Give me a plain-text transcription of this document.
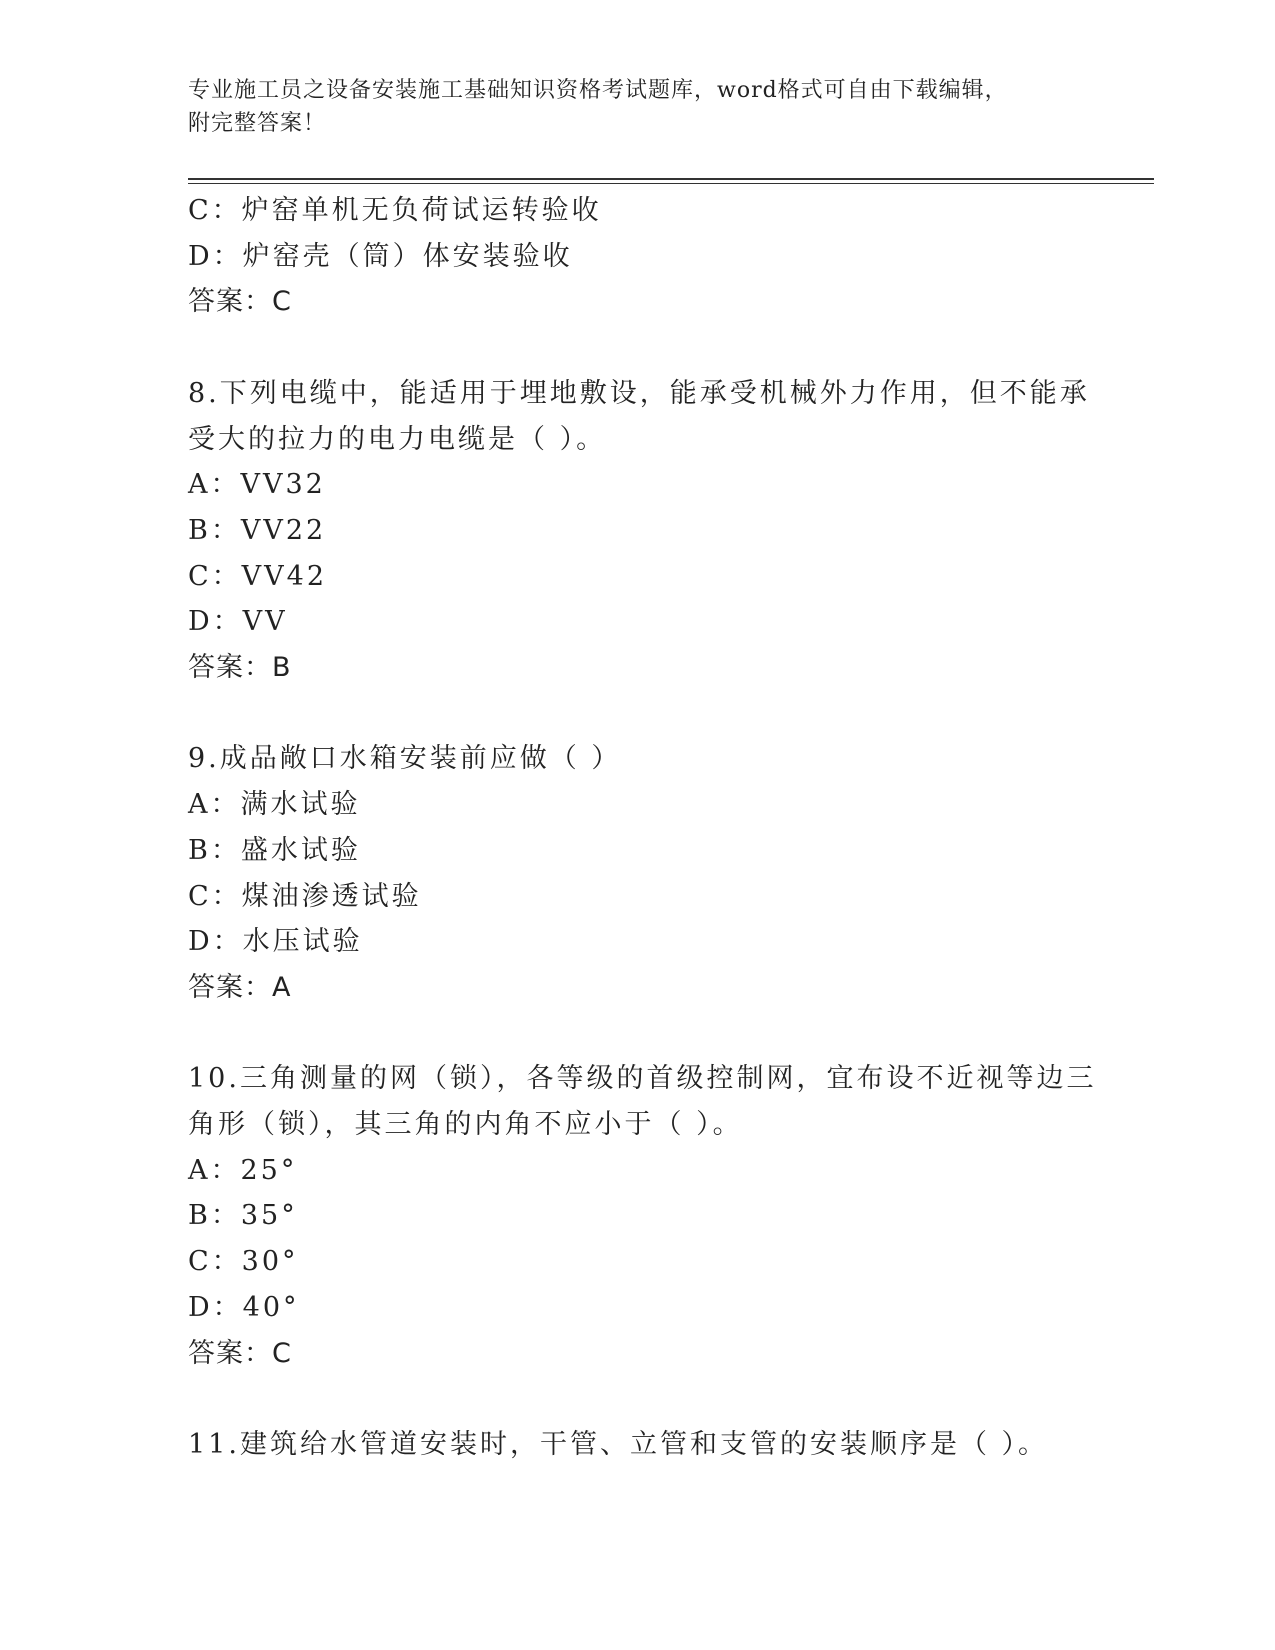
专业施工员之设备安装施工基础知识资格考试题库，word格式可自由下载编辑，
附完整答案！
C：炉窑单机无负荷试运转验收
D：炉窑壳（筒）体安装验收
答案：C
8.下列电缆中，能适用于埋地敷设，能承受机械外力作用，但不能承
受大的拉力的电力电缆是（ ）。
A：VV32
B：VV22
C：VV42
D：VV
答案：B
9.成品敞口水箱安装前应做（ ）
A：满水试验
B：盛水试验
C：煤油渗透试验
D：水压试验
答案：A
10.三角测量的网（锁），各等级的首级控制网，宜布设不近视等边三
角形（锁），其三角的内角不应小于（ ）。
A：25°
B：35°
C：30°
D：40°
答案：C
11.建筑给水管道安装时，干管、立管和支管的安装顺序是（ ）。
